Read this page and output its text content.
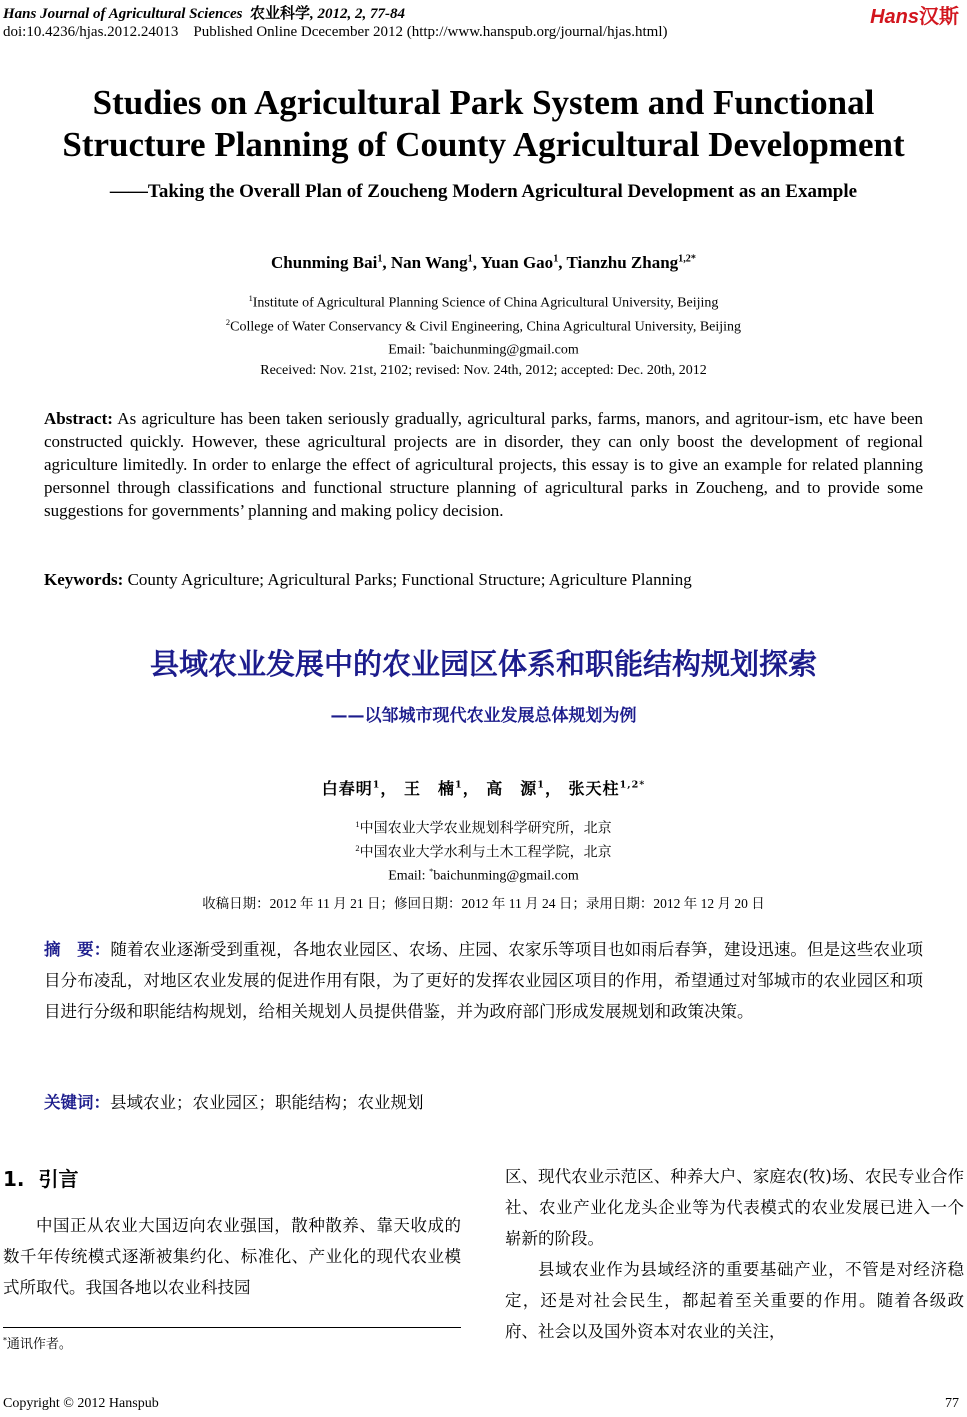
Hans Journal of Agricultural Sciences 农业科学, 2012, 2, 77-84
doi:10.4236/hjas.2012.24013    Published Online Dcecember 2012 (http://www.hanspub.org/journal/hjas.html)
Hans汉斯
Studies on Agricultural Park System and Functional
Structure Planning of County Agricultural Development
——Taking the Overall Plan of Zoucheng Modern Agricultural Development as an Example
Chunming Bai$^1$, Nan Wang$^1$, Yuan Gao$^1$, Tianzhu Zhang$^{1,2*}$
$^1$Institute of Agricultural Planning Science of China Agricultural University, Beijing
$^2$College of Water Conservancy & Civil Engineering, China Agricultural University, Beijing
Email: *baichunming@gmail.com
Received: Nov. 21st, 2102; revised: Nov. 24th, 2012; accepted: Dec. 20th, 2012
Abstract: As agriculture has been taken seriously gradually, agricultural parks, farms, manors, and agritour-ism, etc have been constructed quickly. However, these agricultural projects are in disorder, they can only boost the development of regional agriculture limitedly. In order to enlarge the effect of agricultural projects, this essay is to give an example for related planning personnel through classifications and functional structure planning of agricultural parks in Zoucheng, and to provide some suggestions for governments’ planning and making policy decision.
Keywords: County Agriculture; Agricultural Parks; Functional Structure; Agriculture Planning
县域农业发展中的农业园区体系和职能结构规划探索
——以邹城市现代农业发展总体规划为例
白春明$^1$， 王　楠$^1$， 高　源$^1$， 张天柱$^{1,2*}$
$^1$中国农业大学农业规划科学研究所，北京
$^2$中国农业大学水利与土木工程学院，北京
Email: *baichunming@gmail.com
收稿日期：2012 年 11 月 21 日；修回日期：2012 年 11 月 24 日；录用日期：2012 年 12 月 20 日
摘　要：随着农业逐渐受到重视，各地农业园区、农场、庄园、农家乐等项目也如雨后春笋，建设迅速。但是这些农业项目分布凌乱，对地区农业发展的促进作用有限，为了更好的发挥农业园区项目的作用，希望通过对邹城市的农业园区和项目进行分级和职能结构规划，给相关规划人员提供借鉴，并为政府部门形成发展规划和政策决策。
关键词：县域农业；农业园区；职能结构；农业规划
1.  引言

中国正从农业大国迈向农业强国，散种散养、靠天收成的数千年传统模式逐渐被集约化、标准化、产业化的现代农业模式所取代。我国各地以农业科技园

区、现代农业示范区、种养大户、家庭农(牧)场、农民专业合作社、农业产业化龙头企业等为代表模式的农业发展已进入一个崭新的阶段。

县域农业作为县域经济的重要基础产业，不管是对经济稳定，还是对社会民生，都起着至关重要的作用。随着各级政府、社会以及国外资本对农业的关注，

*通讯作者。
Copyright © 2012 Hanspub	77
